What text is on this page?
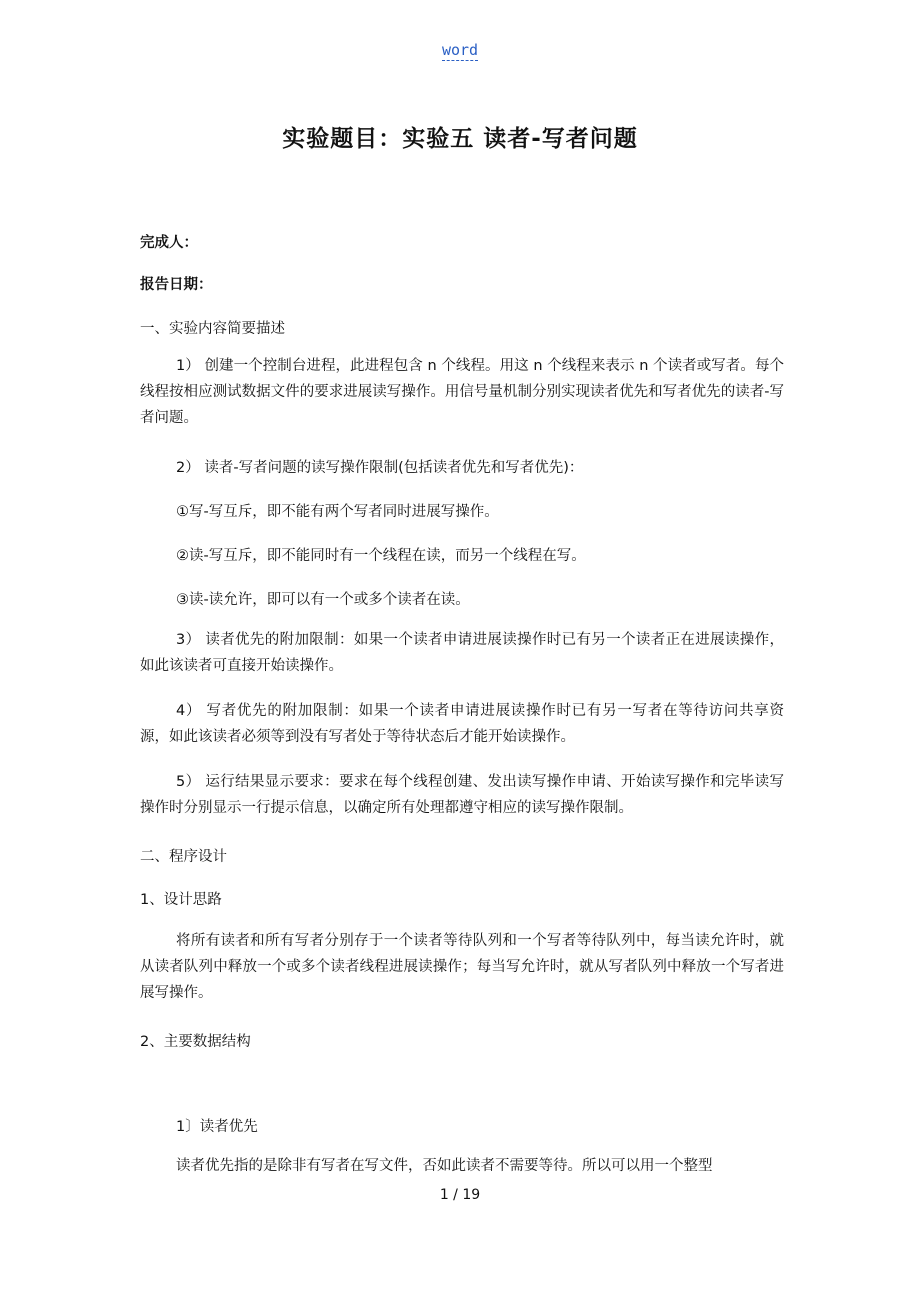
word
实验题目：实验五 读者-写者问题
完成人：
报告日期：
一、实验内容简要描述
1） 创建一个控制台进程，此进程包含 n 个线程。用这 n 个线程来表示 n 个读者或写者。每个线程按相应测试数据文件的要求进展读写操作。用信号量机制分别实现读者优先和写者优先的读者-写者问题。
2） 读者-写者问题的读写操作限制(包括读者优先和写者优先)：
①写-写互斥，即不能有两个写者同时进展写操作。
②读-写互斥，即不能同时有一个线程在读，而另一个线程在写。
③读-读允许，即可以有一个或多个读者在读。
3） 读者优先的附加限制：如果一个读者申请进展读操作时已有另一个读者正在进展读操作，如此该读者可直接开始读操作。
4） 写者优先的附加限制：如果一个读者申请进展读操作时已有另一写者在等待访问共享资源，如此该读者必须等到没有写者处于等待状态后才能开始读操作。
5） 运行结果显示要求：要求在每个线程创建、发出读写操作申请、开始读写操作和完毕读写操作时分别显示一行提示信息，以确定所有处理都遵守相应的读写操作限制。
二、程序设计
1、设计思路
将所有读者和所有写者分别存于一个读者等待队列和一个写者等待队列中，每当读允许时，就从读者队列中释放一个或多个读者线程进展读操作；每当写允许时，就从写者队列中释放一个写者进展写操作。
2、主要数据结构
1〕读者优先
读者优先指的是除非有写者在写文件，否如此读者不需要等待。所以可以用一个整型
1 / 19
